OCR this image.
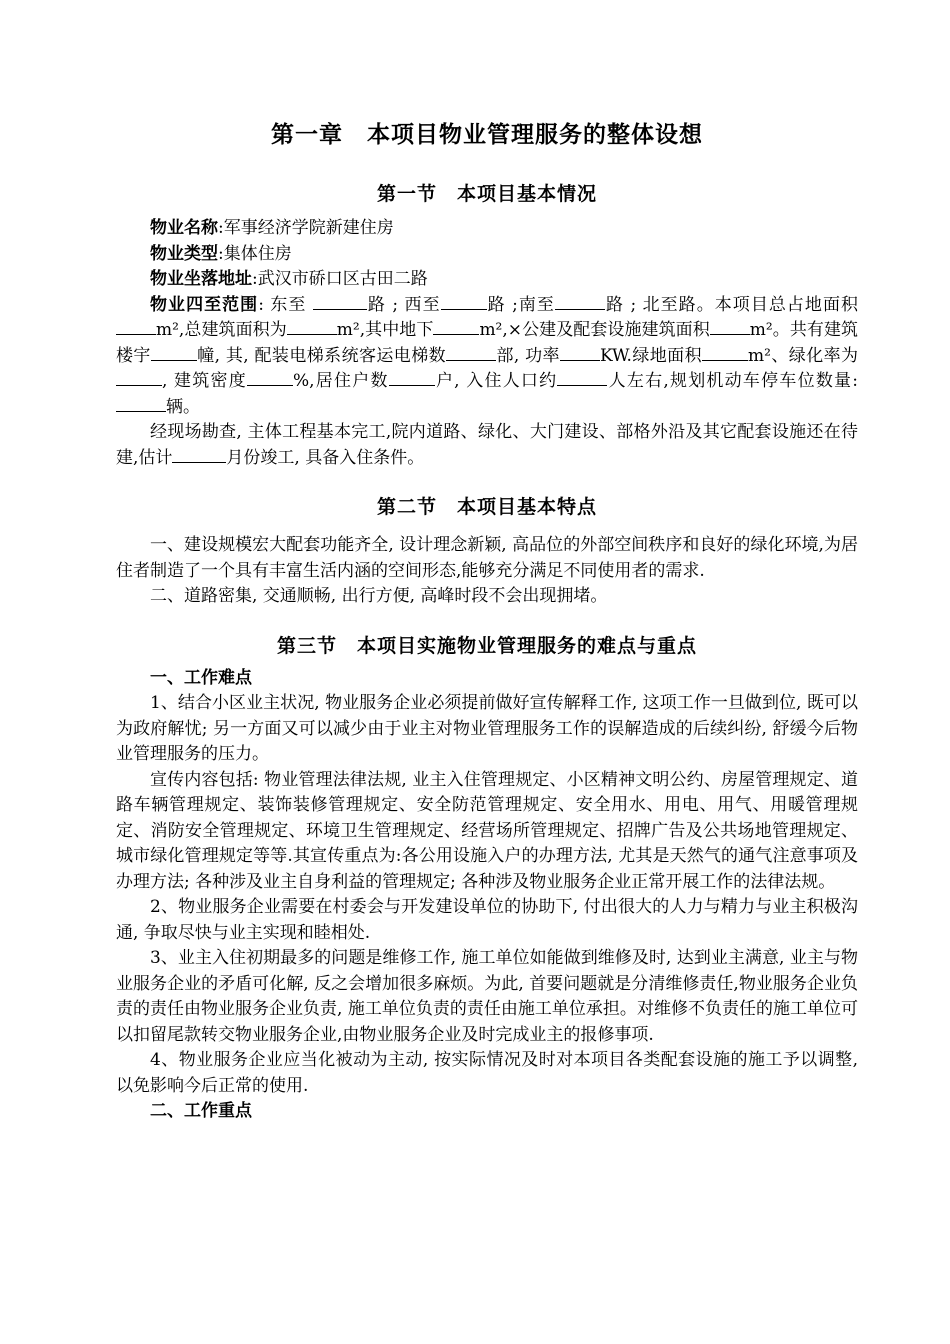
第一章　本项目物业管理服务的整体设想
第一节　本项目基本情况

物业名称:军事经济学院新建住房

物业类型:集体住房

物业坐落地址:武汉市硚口区古田二路

物业四至范围: 东至	路 ; 西至	路 ;南至	路 ; 北至路。本项目总占地面积m²,总建筑面积为	m²,其中地下	m²,×公建及配套设施建筑面积 m²。共有建筑楼宇	幢, 其, 配装电梯系统客运电梯数	部, 功率 KW.绿地面积	m²、绿化率为, 建筑密度	%,居住户数	户, 入住人口约	人左右,规划机动车停车位数量:辆。

经现场勘查, 主体工程基本完工,院内道路、绿化、大门建设、部格外沿及其它配套设施还在待建,估计	月份竣工, 具备入住条件。

第二节　本项目基本特点

一、建设规模宏大配套功能齐全, 设计理念新颖, 高品位的外部空间秩序和良好的绿化环境,为居住者制造了一个具有丰富生活内涵的空间形态,能够充分满足不同使用者的需求.

二、道路密集, 交通顺畅, 出行方便, 高峰时段不会出现拥堵。

第三节　本项目实施物业管理服务的难点与重点
一、工作难点

1、结合小区业主状况, 物业服务企业必须提前做好宣传解释工作, 这项工作一旦做到位, 既可以为政府解忧; 另一方面又可以减少由于业主对物业管理服务工作的误解造成的后续纠纷, 舒缓今后物业管理服务的压力。

宣传内容包括: 物业管理法律法规, 业主入住管理规定、小区精神文明公约、房屋管理规定、道路车辆管理规定、装饰装修管理规定、安全防范管理规定、安全用水、用电、用气、用暖管理规定、消防安全管理规定、环境卫生管理规定、经营场所管理规定、招牌广告及公共场地管理规定、城市绿化管理规定等等.其宣传重点为:各公用设施入户的办理方法, 尤其是天然气的通气注意事项及办理方法; 各种涉及业主自身利益的管理规定; 各种涉及物业服务企业正常开展工作的法律法规。

2、物业服务企业需要在村委会与开发建设单位的协助下, 付出很大的人力与精力与业主积极沟通, 争取尽快与业主实现和睦相处.

3、业主入住初期最多的问题是维修工作, 施工单位如能做到维修及时, 达到业主满意, 业主与物业服务企业的矛盾可化解, 反之会增加很多麻烦。为此, 首要问题就是分清维修责任,物业服务企业负责的责任由物业服务企业负责, 施工单位负责的责任由施工单位承担。对维修不负责任的施工单位可以扣留尾款转交物业服务企业,由物业服务企业及时完成业主的报修事项.

4、物业服务企业应当化被动为主动, 按实际情况及时对本项目各类配套设施的施工予以调整, 以免影响今后正常的使用.

二、工作重点
